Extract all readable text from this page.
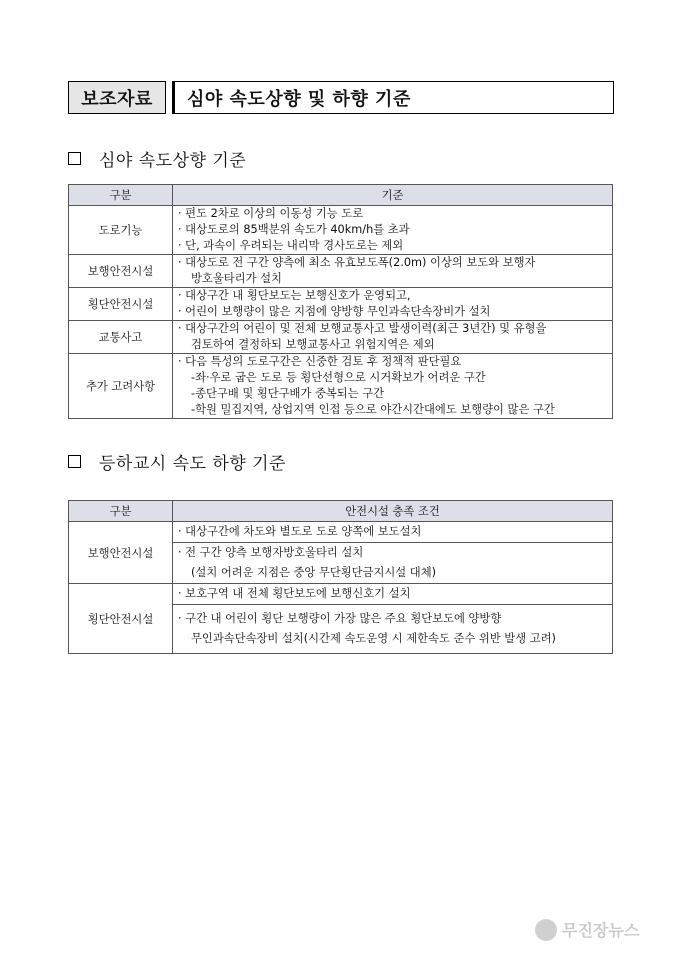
보조자료	심야 속도상향 및 하향 기준
심야 속도상향 기준
구분	기준
도로기능	· 편도 2차로 이상의 이동성 기능 도로
· 대상도로의 85백분위 속도가 40km/h를 초과
· 단, 과속이 우려되는 내리막 경사도로는 제외

보행안전시설	· 대상도로 전 구간 양측에 최소 유효보도폭(2.0m) 이상의 보도와 보행자
방호울타리가 설치

횡단안전시설	· 대상구간 내 횡단보도는 보행신호가 운영되고,
· 어린이 보행량이 많은 지점에 양방향 무인과속단속장비가 설치

교통사고	· 대상구간의 어린이 및 전체 보행교통사고 발생이력(최근 3년간) 및 유형을
검토하여 결정하되 보행교통사고 위험지역은 제외

추가 고려사항	· 다음 특성의 도로구간은 신중한 검토 후 정책적 판단필요
-좌·우로 굽은 도로 등 횡단선형으로 시거확보가 어려운 구간
-종단구배 및 횡단구배가 중복되는 구간
-학원 밀집지역, 상업지역 인접 등으로 야간시간대에도 보행량이 많은 구간
등하교시 속도 하향 기준
구분	안전시설 충족 조건
보행안전시설	· 대상구간에 차도와 별도로 도로 양쪽에 보도설치

	· 전 구간 양측 보행자방호울타리 설치
(설치 어려운 지점은 중앙 무단횡단금지시설 대체)

횡단안전시설	· 보호구역 내 전체 횡단보도에 보행신호기 설치

	· 구간 내 어린이 횡단 보행량이 가장 많은 주요 횡단보도에 양방향
무인과속단속장비 설치(시간제 속도운영 시 제한속도 준수 위반 발생 고려)
무진장뉴스
